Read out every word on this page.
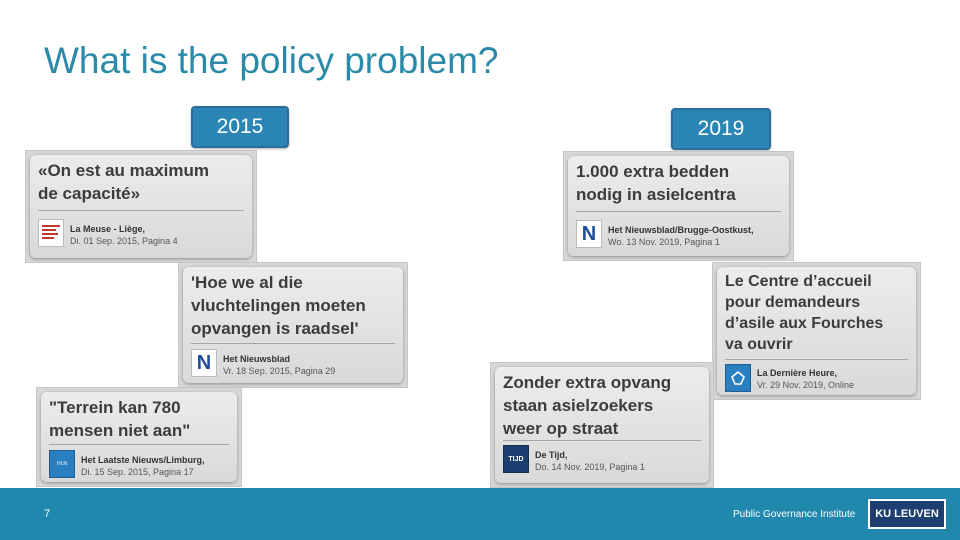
What is the policy problem?
2015	2019
«On est au maximum de capacité»
La Meuse - Liège,
Di. 01 Sep. 2015, Pagina 4
'Hoe we al die vluchtelingen moeten opvangen is raadsel'
N	Het Nieuwsblad
Vr. 18 Sep. 2015, Pagina 29
"Terrein kan 780 mensen niet aan"
HLN	Het Laatste Nieuws/Limburg,
Di. 15 Sep. 2015, Pagina 17
1.000 extra bedden nodig in asielcentra
N	Het Nieuwsblad/Brugge-Oostkust,
Wo. 13 Nov. 2019, Pagina 1
Le Centre d’accueil pour demandeurs d’asile aux Fourches va ouvrir
La Dernière Heure,
Vr. 29 Nov. 2019, Online
Zonder extra opvang staan asielzoekers weer op straat
TIJD	De Tijd,
Do. 14 Nov. 2019, Pagina 1
7	Public Governance Institute KU LEUVEN
